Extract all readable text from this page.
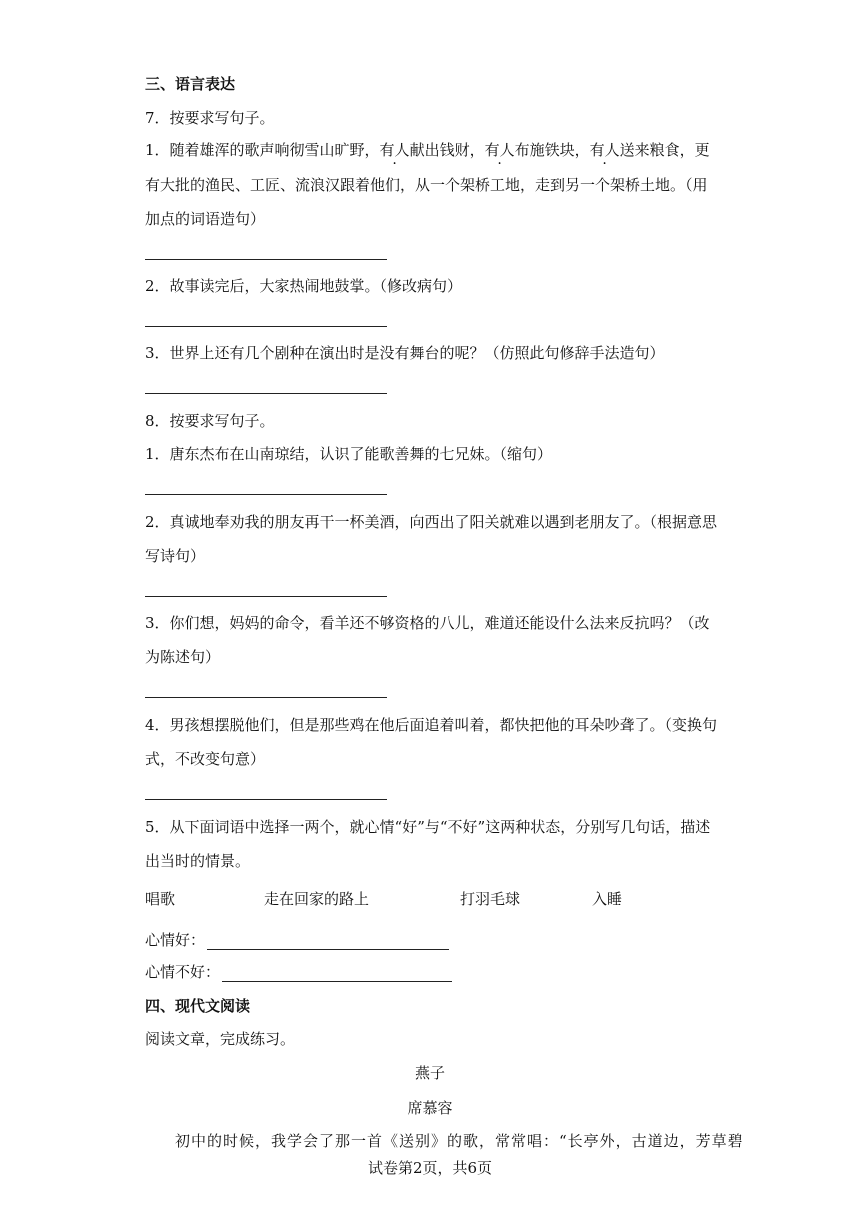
三、语言表达
7．按要求写句子。
1．随着雄浑的歌声响彻雪山旷野，有人献出钱财，有人布施铁块，有人送来粮食，更
有大批的渔民、工匠、流浪汉跟着他们，从一个架桥工地，走到另一个架桥土地。（用
加点的词语造句）
2．故事读完后，大家热闹地鼓掌。（修改病句）
3．世界上还有几个剧种在演出时是没有舞台的呢？（仿照此句修辞手法造句）
8．按要求写句子。
1．唐东杰布在山南琼结，认识了能歌善舞的七兄妹。（缩句）
2．真诚地奉劝我的朋友再干一杯美酒，向西出了阳关就难以遇到老朋友了。（根据意思
写诗句）
3．你们想，妈妈的命令，看羊还不够资格的八儿，难道还能设什么法来反抗吗？（改
为陈述句）
4．男孩想摆脱他们，但是那些鸡在他后面追着叫着，都快把他的耳朵吵聋了。（变换句
式，不改变句意）
5．从下面词语中选择一两个，就心情“好”与“不好”这两种状态，分别写几句话，描述
出当时的情景。
唱歌	走在回家的路上	打羽毛球	入睡
心情好：
心情不好：
四、现代文阅读
阅读文章，完成练习。
燕子
席慕容
初中的时候，我学会了那一首《送别》的歌，常常唱：“长亭外，古道边，芳草碧
试卷第2页，共6页
